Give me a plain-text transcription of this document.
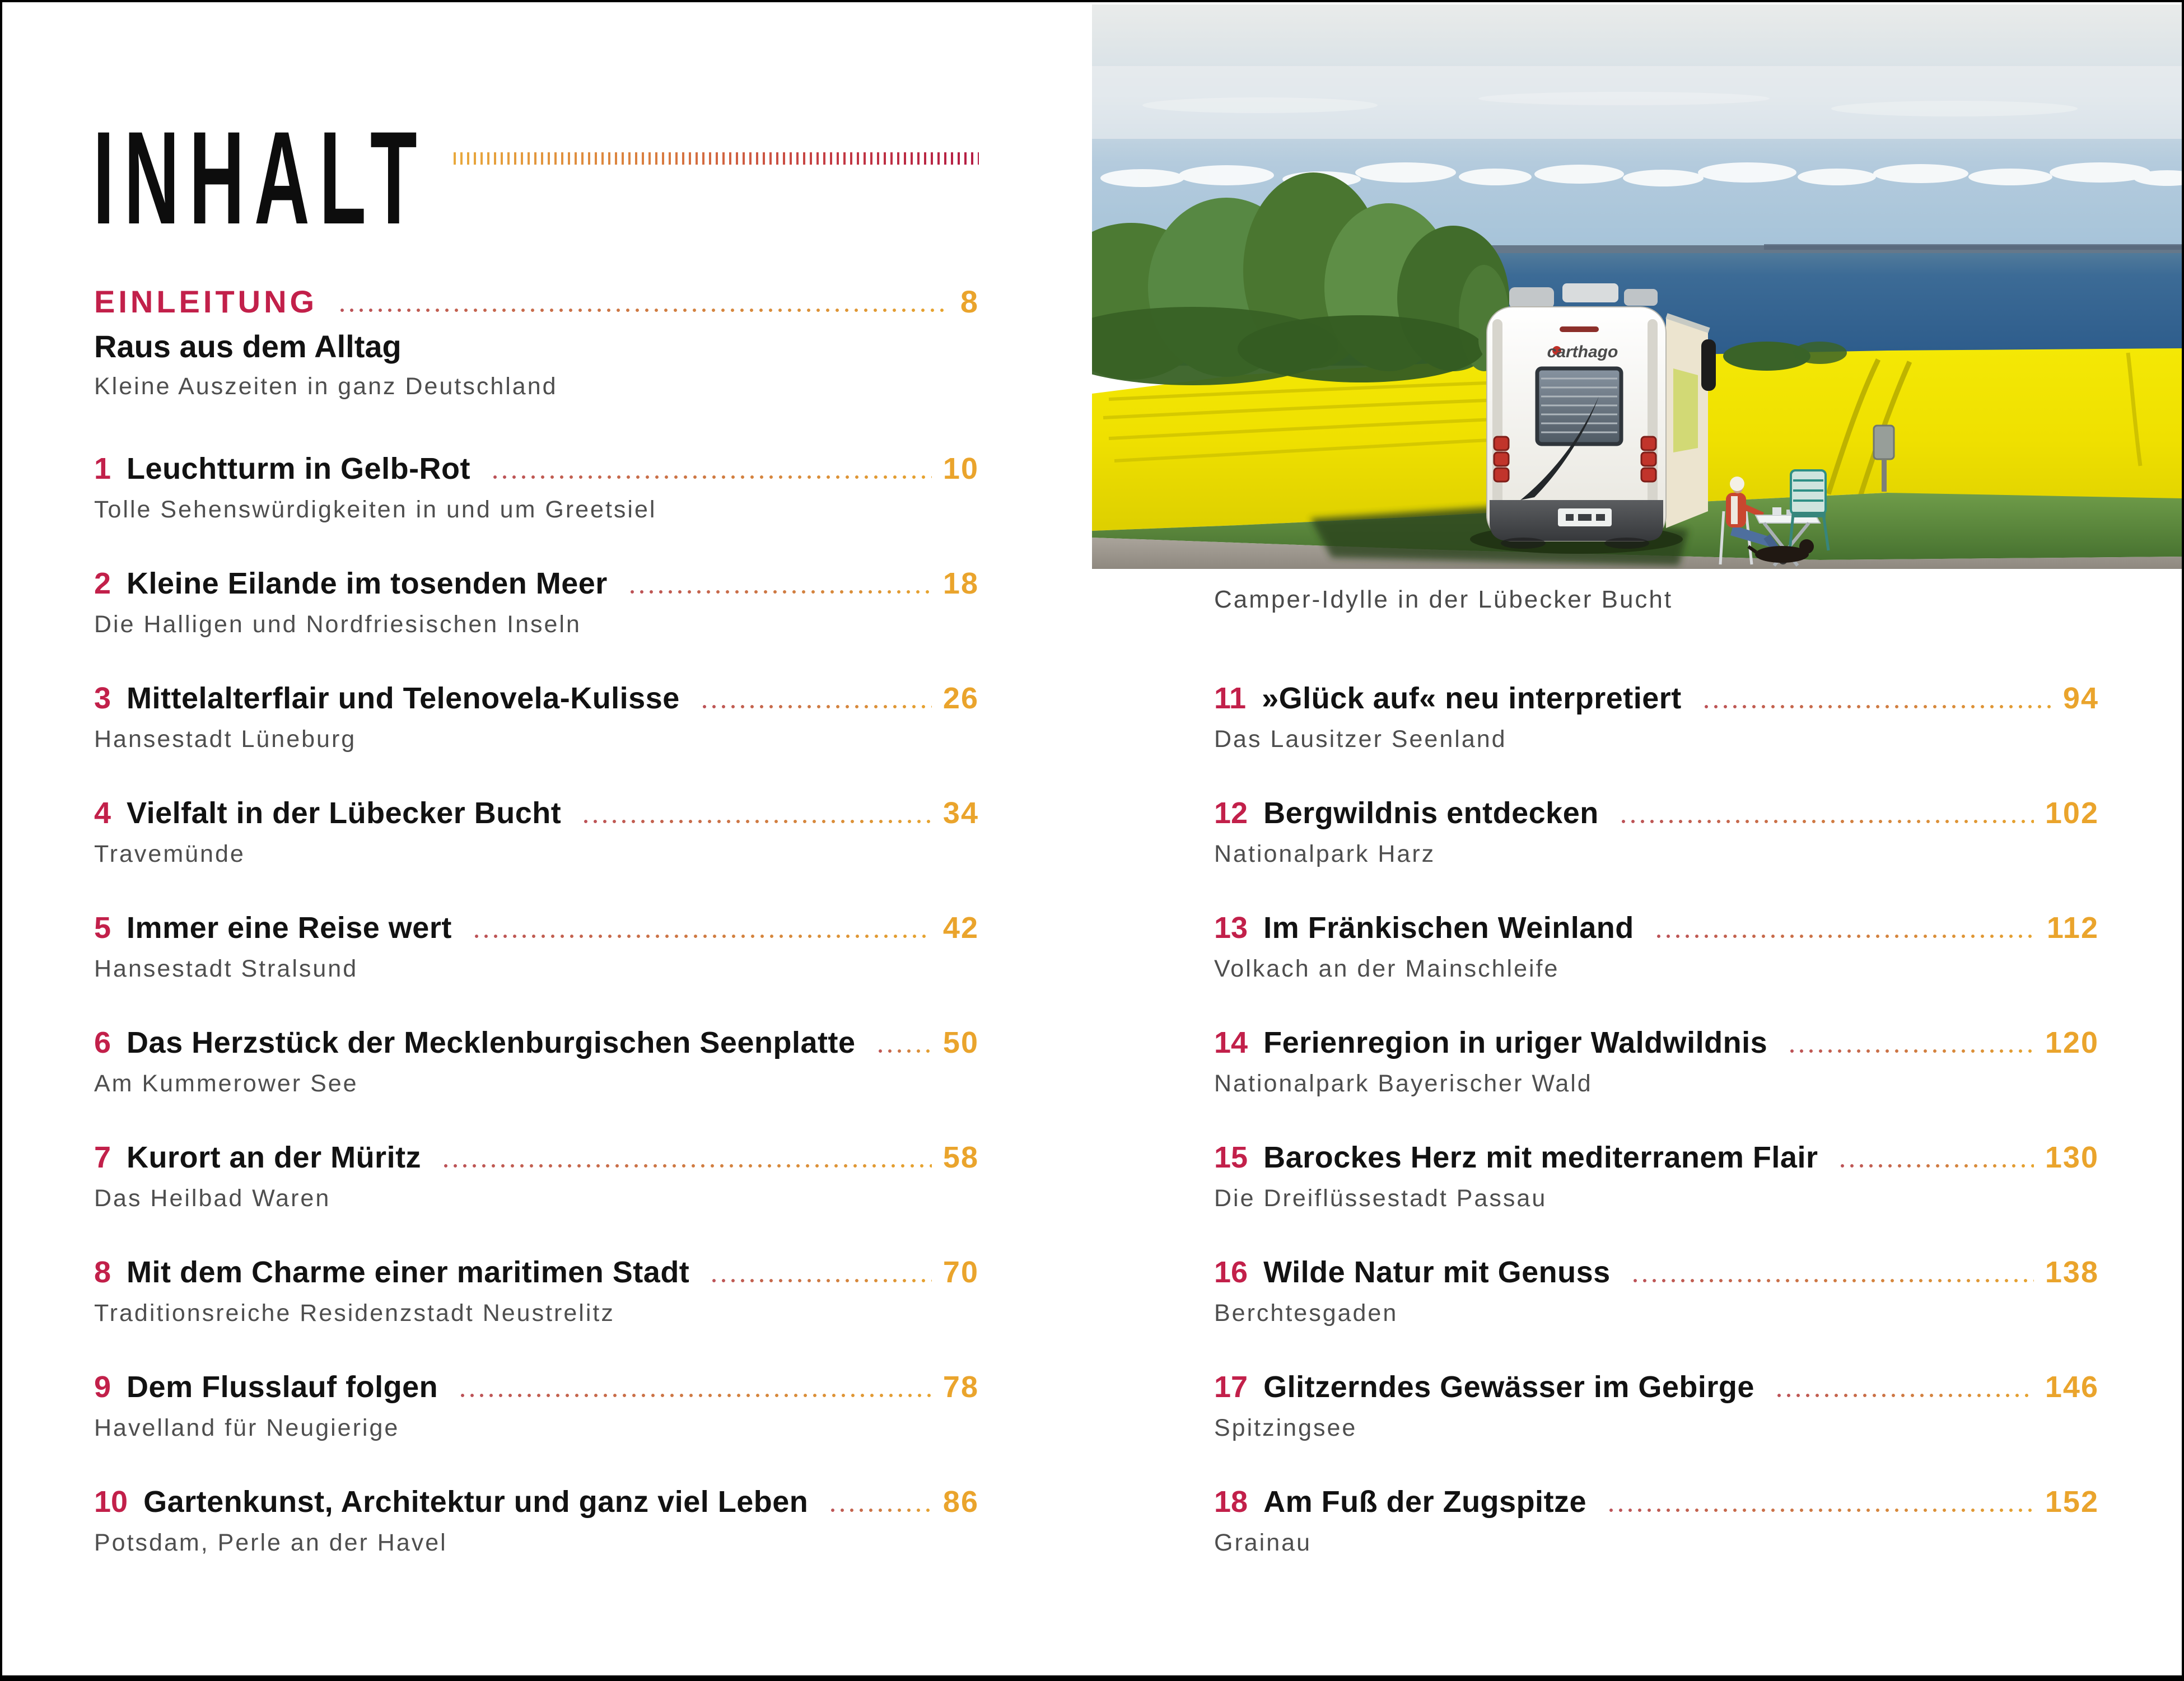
INHALT
carthago
Camper-Idylle in der Lübecker Bucht
EINLEITUNG	8
Raus aus dem Alltag
Kleine Auszeiten in ganz Deutschland
1 Leuchtturm in Gelb-Rot	10
Tolle Sehenswürdigkeiten in und um Greetsiel
2 Kleine Eilande im tosenden Meer	18
Die Halligen und Nordfriesischen Inseln
3 Mittelalterflair und Telenovela-Kulisse	26
Hansestadt Lüneburg
4 Vielfalt in der Lübecker Bucht	34
Travemünde
5 Immer eine Reise wert	42
Hansestadt Stralsund
6 Das Herzstück der Mecklenburgischen Seenplatte	50
Am Kummerower See
7 Kurort an der Müritz	58
Das Heilbad Waren
8 Mit dem Charme einer maritimen Stadt	70
Traditionsreiche Residenzstadt Neustrelitz
9 Dem Flusslauf folgen	78
Havelland für Neugierige
10 Gartenkunst, Architektur und ganz viel Leben	86
Potsdam, Perle an der Havel
11 »Glück auf« neu interpretiert	94
Das Lausitzer Seenland
12 Bergwildnis entdecken	102
Nationalpark Harz
13 Im Fränkischen Weinland	112
Volkach an der Mainschleife
14 Ferienregion in uriger Waldwildnis	120
Nationalpark Bayerischer Wald
15 Barockes Herz mit mediterranem Flair	130
Die Dreiflüssestadt Passau
16 Wilde Natur mit Genuss	138
Berchtesgaden
17 Glitzerndes Gewässer im Gebirge	146
Spitzingsee
18 Am Fuß der Zugspitze	152
Grainau
